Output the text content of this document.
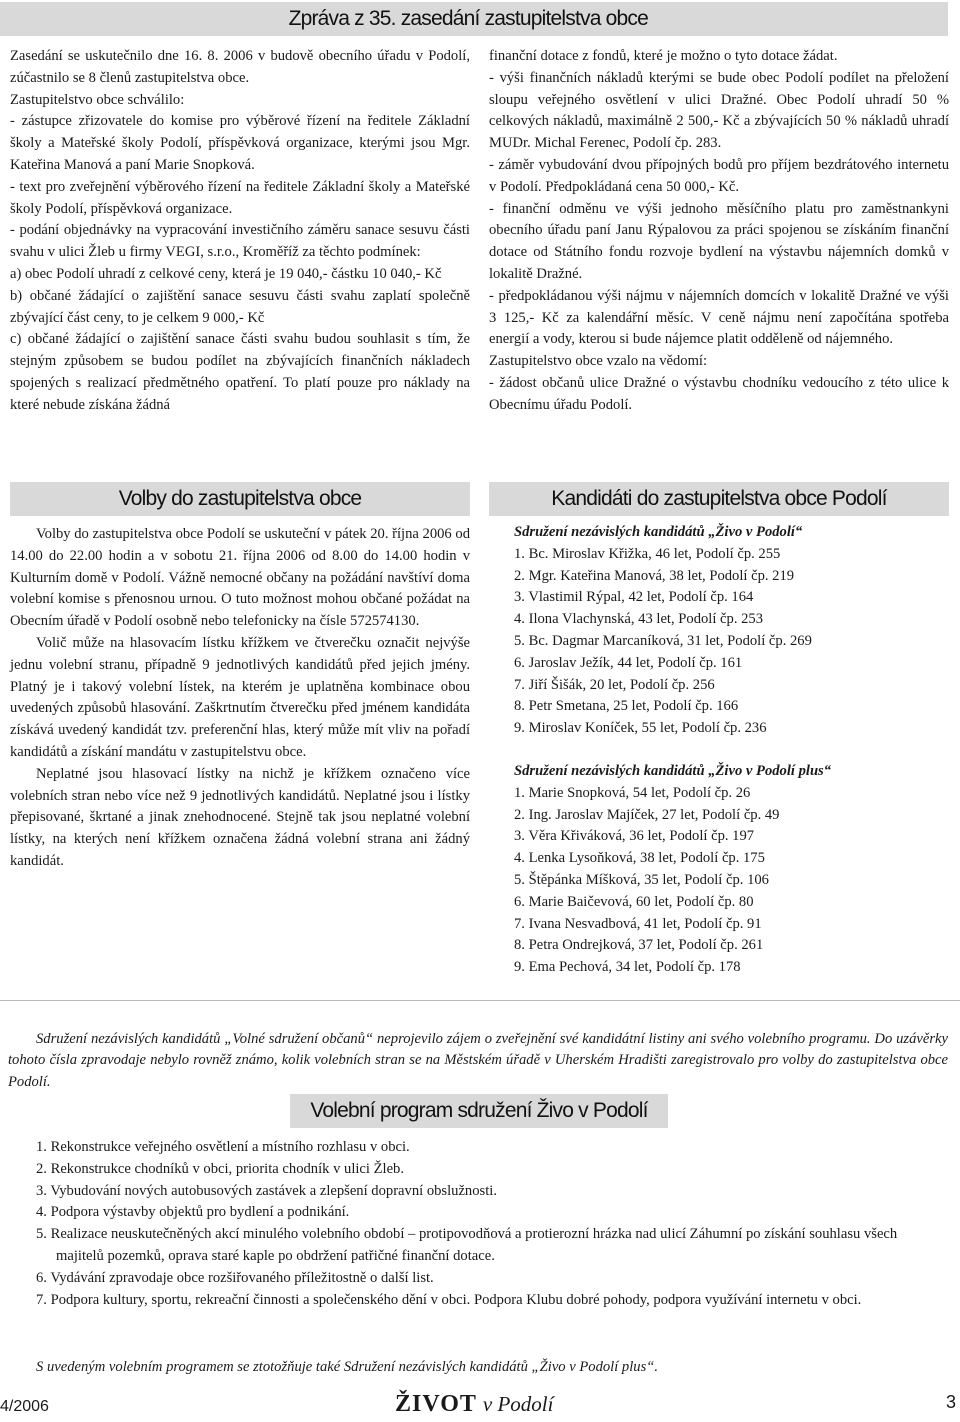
Zpráva z 35. zasedání zastupitelstva obce

Zasedání se uskutečnilo dne 16. 8. 2006 v budově obecního úřadu v Podolí, zúčastnilo se 8 členů zastupitelstva obce.

Zastupitelstvo obce schválilo:

- zástupce zřizovatele do komise pro výběrové řízení na ředitele Základní školy a Mateřské školy Podolí, příspěvková organizace, kterými jsou Mgr. Kateřina Manová a paní Marie Snopková.

- text pro zveřejnění výběrového řízení na ředitele Základní školy a Mateřské školy Podolí, příspěvková organizace.

- podání objednávky na vypracování investičního záměru sanace sesuvu části svahu v ulici Žleb u firmy VEGI, s.r.o., Kroměříž za těchto podmínek:

a) obec Podolí uhradí z celkové ceny, která je 19 040,- částku 10 040,- Kč

b) občané žádající o zajištění sanace sesuvu části svahu zaplatí společně zbývající část ceny, to je celkem 9 000,- Kč

c) občané žádající o zajištění sanace části svahu budou souhlasit s tím, že stejným způsobem se budou podílet na zbývajících finančních nákladech spojených s realizací předmětného opatření. To platí pouze pro náklady na které nebude získána žádná

finanční dotace z fondů, které je možno o tyto dotace žádat.

- výši finančních nákladů kterými se bude obec Podolí podílet na přeložení sloupu veřejného osvětlení v ulici Dražné. Obec Podolí uhradí 50 % celkových nákladů, maximálně 2 500,- Kč a zbývajících 50 % nákladů uhradí MUDr. Michal Ferenec, Podolí čp. 283.

- záměr vybudování dvou přípojných bodů pro příjem bezdrátového internetu v Podolí. Předpokládaná cena 50 000,- Kč.

- finanční odměnu ve výši jednoho měsíčního platu pro zaměstnankyni obecního úřadu paní Janu Rýpalovou za práci spojenou se získáním finanční dotace od Státního fondu rozvoje bydlení na výstavbu nájemních domků v lokalitě Dražné.

- předpokládanou výši nájmu v nájemních domcích v lokalitě Dražné ve výši 3 125,- Kč za kalendářní měsíc. V ceně nájmu není započítána spotřeba energií a vody, kterou si bude nájemce platit odděleně od nájemného.

Zastupitelstvo obce vzalo na vědomí:

- žádost občanů ulice Dražné o výstavbu chodníku vedoucího z této ulice k Obecnímu úřadu Podolí.

Volby do zastupitelstva obce

Volby do zastupitelstva obce Podolí se uskuteční v pátek 20. října 2006 od 14.00 do 22.00 hodin a v sobotu 21. října 2006 od 8.00 do 14.00 hodin v Kulturním domě v Podolí. Vážně nemocné občany na požádání navštíví doma volební komise s přenosnou urnou. O tuto možnost mohou občané požádat na Obecním úřadě v Podolí osobně nebo telefonicky na čísle 572574130.

Volič může na hlasovacím lístku křížkem ve čtverečku označit nejvýše jednu volební stranu, případně 9 jednotlivých kandidátů před jejich jmény. Platný je i takový volební lístek, na kterém je uplatněna kombinace obou uvedených způsobů hlasování. Zaškrtnutím čtverečku před jménem kandidáta získává uvedený kandidát tzv. preferenční hlas, který může mít vliv na pořadí kandidátů a získání mandátu v zastupitelstvu obce.

Neplatné jsou hlasovací lístky na nichž je křížkem označeno více volebních stran nebo více než 9 jednotlivých kandidátů. Neplatné jsou i lístky přepisované, škrtané a jinak znehodnocené. Stejně tak jsou neplatné volební lístky, na kterých není křížkem označena žádná volební strana ani žádný kandidát.

Kandidáti do zastupitelstva obce Podolí

Sdružení nezávislých kandidátů „Živo v Podolí“

1. Bc. Miroslav Křižka, 46 let, Podolí čp. 255

2. Mgr. Kateřina Manová, 38 let, Podolí čp. 219

3. Vlastimil Rýpal, 42 let, Podolí čp. 164

4. Ilona Vlachynská, 43 let, Podolí čp. 253

5. Bc. Dagmar Marcaníková, 31 let, Podolí čp. 269

6. Jaroslav Ježík, 44 let, Podolí čp. 161

7. Jiří Šišák, 20 let, Podolí čp. 256

8. Petr Smetana, 25 let, Podolí čp. 166

9. Miroslav Koníček, 55 let, Podolí čp. 236

Sdružení nezávislých kandidátů „Živo v Podolí plus“

1. Marie Snopková, 54 let, Podolí čp. 26

2. Ing. Jaroslav Majíček, 27 let, Podolí čp. 49

3. Věra Křiváková, 36 let, Podolí čp. 197

4. Lenka Lysoňková, 38 let, Podolí čp. 175

5. Štěpánka Míšková, 35 let, Podolí čp. 106

6. Marie Baičevová, 60 let, Podolí čp. 80

7. Ivana Nesvadbová, 41 let, Podolí čp. 91

8. Petra Ondrejková, 37 let, Podolí čp. 261

9. Ema Pechová, 34 let, Podolí čp. 178

Sdružení nezávislých kandidátů „Volné sdružení občanů“ neprojevilo zájem o zveřejnění své kandidátní listiny ani svého volebního programu. Do uzávěrky tohoto čísla zpravodaje nebylo rovněž známo, kolik volebních stran se na Městském úřadě v Uherském Hradišti zaregistrovalo pro volby do zastupitelstva obce Podolí.

Volební program sdružení Živo v Podolí
1. Rekonstrukce veřejného osvětlení a místního rozhlasu v obci.
2. Rekonstrukce chodníků v obci, priorita chodník v ulici Žleb.
3. Vybudování nových autobusových zastávek a zlepšení dopravní obslužnosti.
4. Podpora výstavby objektů pro bydlení a podnikání.
5. Realizace neuskutečněných akcí minulého volebního období – protipovodňová a protierozní hrázka nad ulicí Záhumní po získání souhlasu všech majitelů pozemků, oprava staré kaple po obdržení patřičné finanční dotace.
6. Vydávání zpravodaje obce rozšiřovaného příležitostně o další list.
7. Podpora kultury, sportu, rekreační činnosti a společenského dění v obci. Podpora Klubu dobré pohody, podpora využívání internetu v obci.

S uvedeným volebním programem se ztotožňuje také Sdružení nezávislých kandidátů „Živo v Podolí plus“.

4/2006	ŽIVOT v Podolí	3
